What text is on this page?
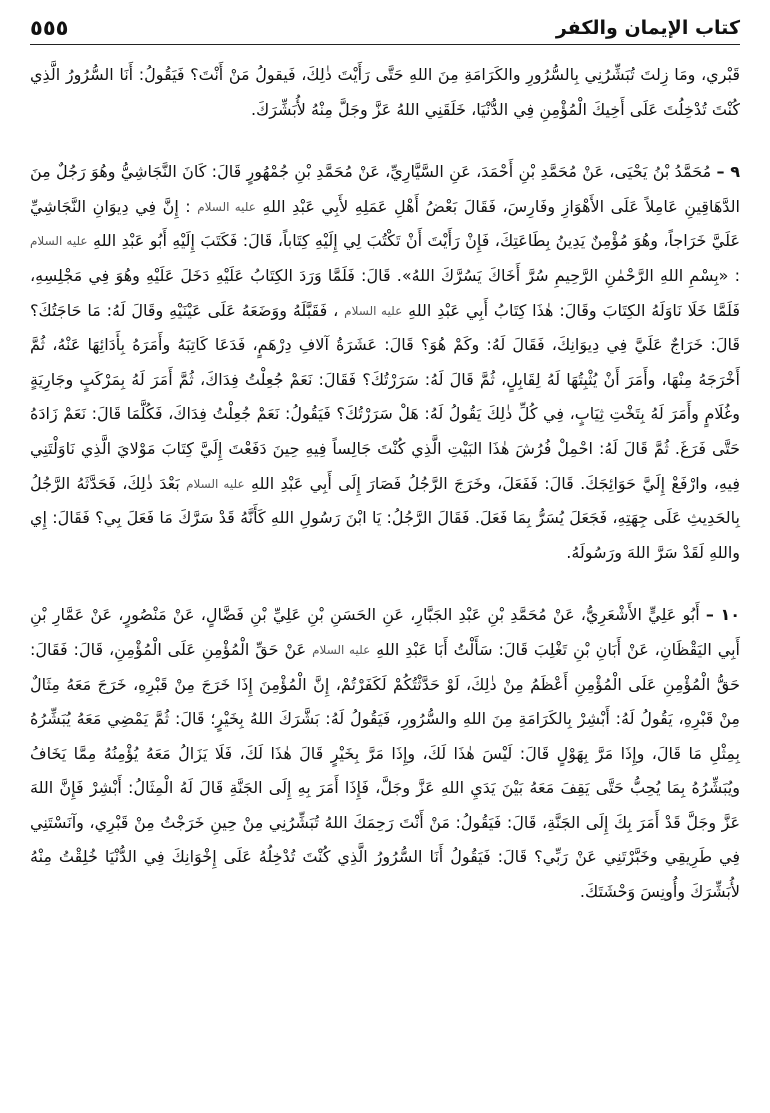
٥٥٥	كتاب الإيمان والكفر

قَبْري، ومَا زِلتَ تُبَشِّرُنِي بِالسُّرُورِ والكَرَامَةِ مِنَ اللهِ حَتَّى رَأَيْتَ ذٰلِكَ، فَيقولُ مَنْ أَنْتَ؟ فَيَقُولُ: أَنَا السُّرُورُ الَّذِي كُنْتَ تُدْخِلُتَ عَلَى أَخِيكَ الْمُؤْمِنِ فِي الدُّنْيَا، خَلَقَنِي اللهُ عَزَّ وجَلَّ مِنْهُ لأُبَشِّرَكَ.

٩ – مُحَمَّدُ بْنُ يَحْيَى، عَنْ مُحَمَّدِ بْنِ أَحْمَدَ، عَنِ السَّيَّارِيِّ، عَنْ مُحَمَّدِ بْنِ جُمْهُورٍ قَالَ: كَانَ النَّجَاشِيُّ وهُوَ رَجُلٌ مِنَ الدَّهَاقِينِ عَامِلاً عَلَى الأَهْوَازِ وفَارِسَ، فَقَالَ بَعْضُ أَهْلِ عَمَلِهِ لأَبِي عَبْدِ اللهِ عليه السلام : إِنَّ فِي دِيوَانِ النَّجَاشِيِّ عَلَيَّ خَرَاجاً، وهُوَ مُؤْمِنٌ يَدِينُ بِطَاعَتِكَ، فَإِنْ رَأَيْتَ أَنْ تَكْتُبَ لِي إِلَيْهِ كِتَاباً، قَالَ: فَكَتَبَ إِلَيْهِ أَبُو عَبْدِ اللهِ عليه السلام : «بِسْمِ اللهِ الرَّحْمٰنِ الرَّحِيمِ سُرَّ أَخَاكَ يَسُرَّكَ اللهُ». قَالَ: فَلَمَّا وَرَدَ الكِتَابُ عَلَيْهِ دَخَلَ عَلَيْهِ وهُوَ فِي مَجْلِسِهِ، فَلَمَّا خَلَا نَاوَلَهُ الكِتَابَ وقَالَ: هٰذَا كِتَابُ أَبِي عَبْدِ اللهِ عليه السلام ، فَقَبَّلَهُ ووَضَعَهُ عَلَى عَيْنَيْهِ وقَالَ لَهُ: مَا حَاجَتُكَ؟ قَالَ: خَرَاجٌ عَلَيَّ فِي دِيوَانِكَ، فَقَالَ لَهُ: وكَمْ هُوَ؟ قَالَ: عَشَرَةُ آلافِ دِرْهَمٍ، فَدَعَا كَاتِبَهُ وأَمَرَهُ بِأَدَائِهَا عَنْهُ، ثُمَّ أَخْرَجَهُ مِنْهَا، وأَمَرَ أَنْ يُثْبِتُهَا لَهُ لِقَابِلٍ، ثُمَّ قَالَ لَهُ: سَرَرْتُكَ؟ فَقَالَ: نَعَمْ جُعِلْتُ فِدَاكَ، ثُمَّ أَمَرَ لَهُ بِمَرْكَبٍ وجَارِيَةٍ وغُلَامٍ وأَمَرَ لَهُ بِتَخْتِ ثِيَابٍ، فِي كُلِّ ذٰلِكَ يَقُولُ لَهُ: هَلْ سَرَرْتُكَ؟ فَيَقُولُ: نَعَمْ جُعِلْتُ فِدَاكَ، فَكُلَّمَا قَالَ: نَعَمْ زَادَهُ حَتَّى فَرَغَ. ثُمَّ قَالَ لَهُ: احْمِلْ فُرُشَ هٰذَا البَيْتِ الَّذِي كُنْتَ جَالِساً فِيهِ حِينَ دَفَعْتَ إِلَيَّ كِتَابَ مَوْلايَ الَّذِي نَاوَلْتَنِي فِيهِ، وارْفَعْ إِلَيَّ حَوَائِجَكَ. قَالَ: فَفَعَلَ، وخَرَجَ الرَّجُلُ فَصَارَ إِلَى أَبِي عَبْدِ اللهِ عليه السلام بَعْدَ ذٰلِكَ، فَحَدَّثَهُ الرَّجُلُ بِالحَدِيثِ عَلَى جِهَتِهِ، فَجَعَلَ يُسَرُّ بِمَا فَعَلَ. فَقَالَ الرَّجُلُ: يَا ابْنَ رَسُولِ اللهِ كَأَنَّهُ قَدْ سَرَّكَ مَا فَعَلَ بِي؟ فَقَالَ: إِي واللهِ لَقَدْ سَرَّ اللهَ ورَسُولَهُ.

١٠ – أَبُو عَلِيٍّ الأَشْعَرِيُّ، عَنْ مُحَمَّدِ بْنِ عَبْدِ الجَبَّارِ، عَنِ الحَسَنِ بْنِ عَلِيِّ بْنِ فَضَّالٍ، عَنْ مَنْصُورٍ، عَنْ عَمَّارِ بْنِ أَبِي اليَقْظَانِ، عَنْ أَبَانِ بْنِ تَغْلِبَ قَالَ: سَأَلْتُ أَبَا عَبْدِ اللهِ عليه السلام عَنْ حَقِّ الْمُؤْمِنِ عَلَى الْمُؤْمِنِ، قَالَ: فَقَالَ: حَقُّ الْمُؤْمِنِ عَلَى الْمُؤْمِنِ أَعْظَمُ مِنْ ذٰلِكَ، لَوْ حَدَّثْتُكُمْ لَكَفَرْتُمْ، إِنَّ الْمُؤْمِنَ إِذَا خَرَجَ مِنْ قَبْرِهِ، خَرَجَ مَعَهُ مِثَالٌ مِنْ قَبْرِهِ، يَقُولُ لَهُ: أَبْشِرْ بِالكَرَامَةِ مِنَ اللهِ والسُّرُورِ، فَيَقُولُ لَهُ: بَشَّرَكَ اللهُ بِخَيْرٍ؛ قَالَ: ثُمَّ يَمْضِي مَعَهُ يُبَشِّرُهُ بِمِثْلِ مَا قَالَ، وإِذَا مَرَّ بِهَوْلٍ قَالَ: لَيْسَ هٰذَا لَكَ، وإِذَا مَرَّ بِخَيْرٍ قَالَ هٰذَا لَكَ، فَلَا يَزَالُ مَعَهُ يُؤْمِنُهُ مِمَّا يَخَافُ ويُبَشِّرُهُ بِمَا يُحِبُّ حَتَّى يَقِفَ مَعَهُ بَيْنَ يَدَيِ اللهِ عَزَّ وجَلَّ، فَإِذَا أَمَرَ بِهِ إِلَى الجَنَّةِ قَالَ لَهُ الْمِثَالُ: أَبْشِرْ فَإِنَّ اللهَ عَزَّ وجَلَّ قَدْ أَمَرَ بِكَ إِلَى الجَنَّةِ، قَالَ: فَيَقُولُ: مَنْ أَنْتَ رَحِمَكَ اللهُ تُبَشِّرُنِي مِنْ حِينِ خَرَجْتُ مِنْ قَبْرِي، وآنَسْتَنِي فِي طَرِيقِي وخَبَّرْتَنِي عَنْ رَبِّي؟ قَالَ: فَيَقُولُ أَنَا السُّرُورُ الَّذِي كُنْتَ تُدْخِلُهُ عَلَى إِخْوَانِكَ فِي الدُّنْيَا خُلِقْتُ مِنْهُ لأُبَشِّرَكَ وأُونِسَ وَحْشَتَكَ.
